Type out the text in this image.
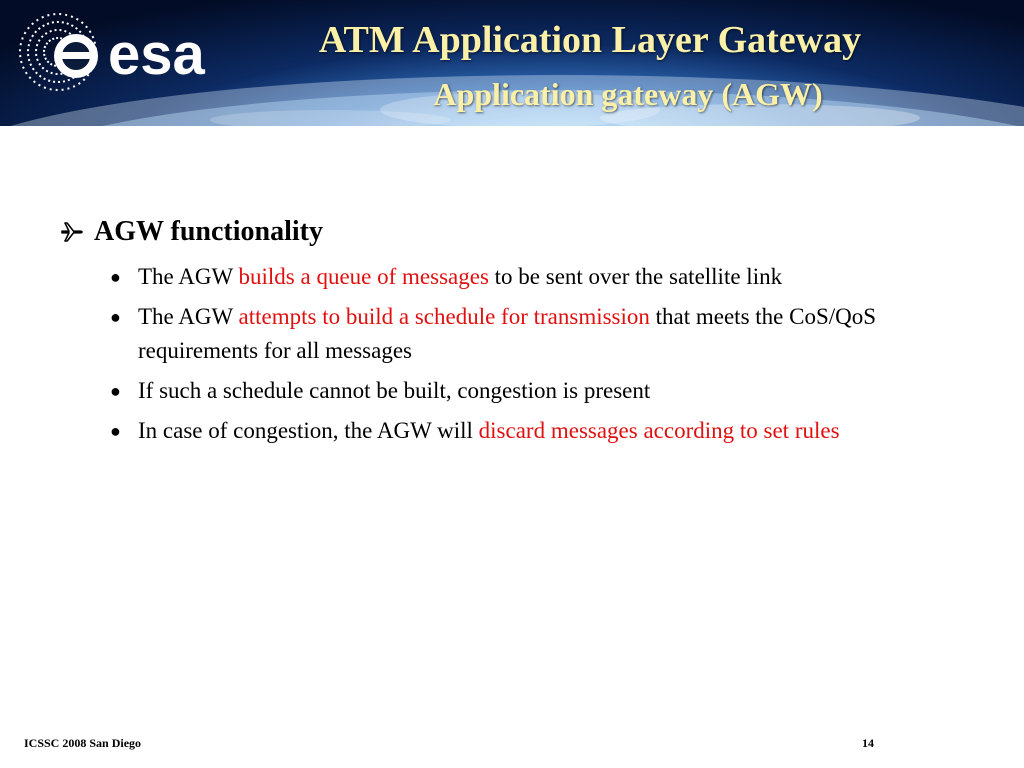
esa	ATM Application Layer Gateway
Application gateway (AGW)
AGW functionality
● The AGW builds a queue of messages to be sent over the satellite link
● The AGW attempts to build a schedule for transmission that meets the CoS/QoS requirements for all messages
● If such a schedule cannot be built, congestion is present
● In case of congestion, the AGW will discard messages according to set rules
ICSSC 2008 San Diego	14
